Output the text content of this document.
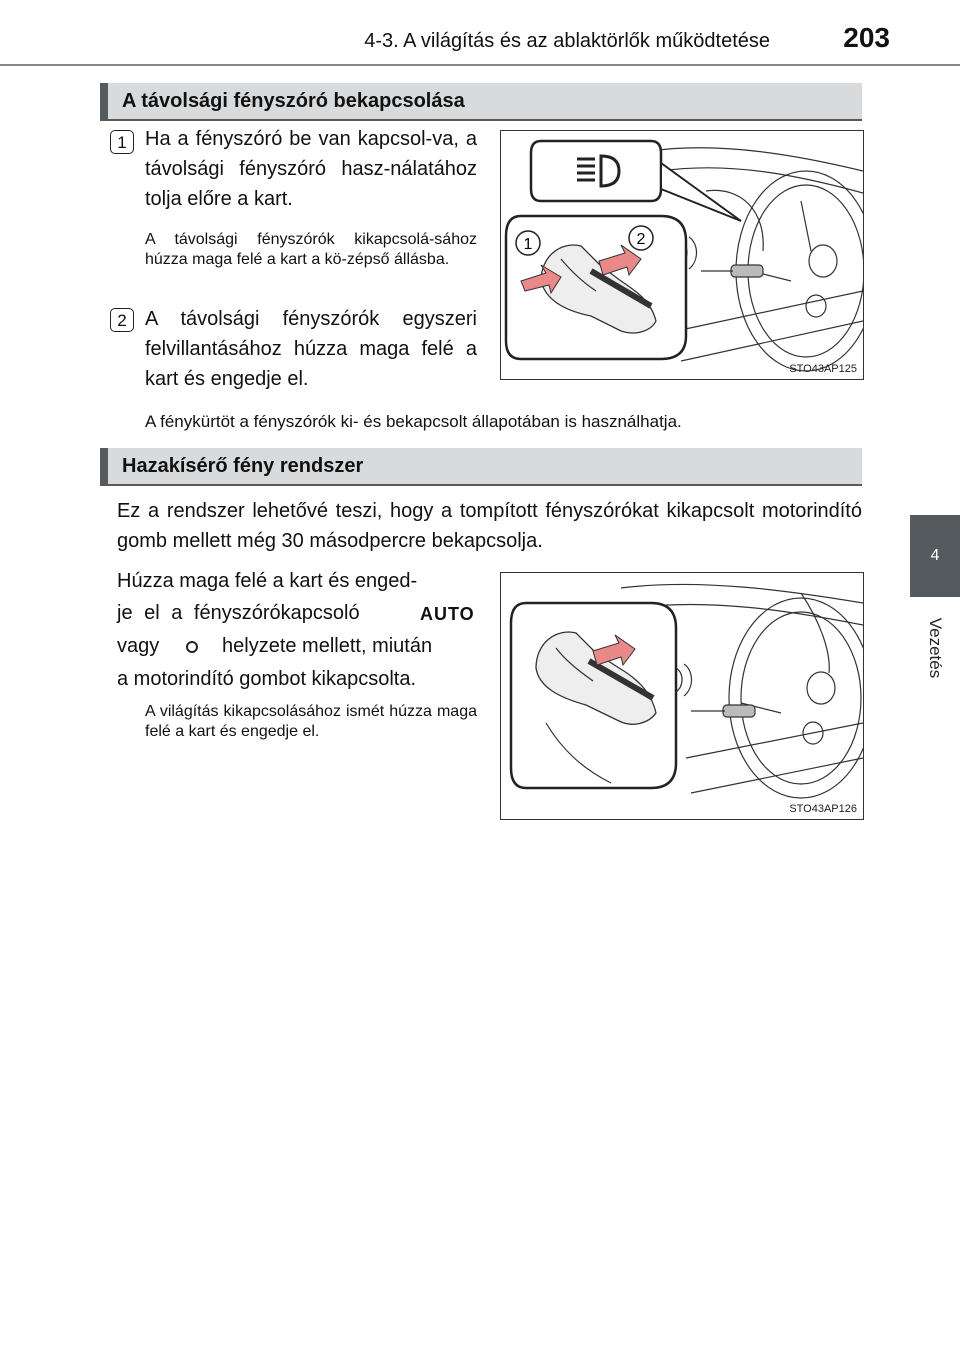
4-3. A világítás és az ablaktörlők működtetése	203
4
Vezetés
A távolsági fényszóró bekapcsolása
1 Ha a fényszóró be van kapcsol-va, a távolsági fényszóró hasz-nálatához tolja előre a kart.
A távolsági fényszórók kikapcsolá-sához húzza maga felé a kart a kö-zépső állásba.
2 A távolsági fényszórók egyszeri felvillantásához húzza maga felé a kart és engedje el.
A fénykürtöt a fényszórók ki- és bekapcsolt állapotában is használhatja.
1	2
STO43AP125
Hazakísérő fény rendszer
Ez a rendszer lehetővé teszi, hogy a tompított fényszórókat kikapcsolt motorindító gomb mellett még 30 másodpercre bekapcsolja.
Húzza maga felé a kart és enged-
je el a fényszórókapcsoló	AUTO
vagy	helyzete mellett, miután
a motorindító gombot kikapcsolta.
A világítás kikapcsolásához ismét húzza maga felé a kart és engedje el.
STO43AP126
